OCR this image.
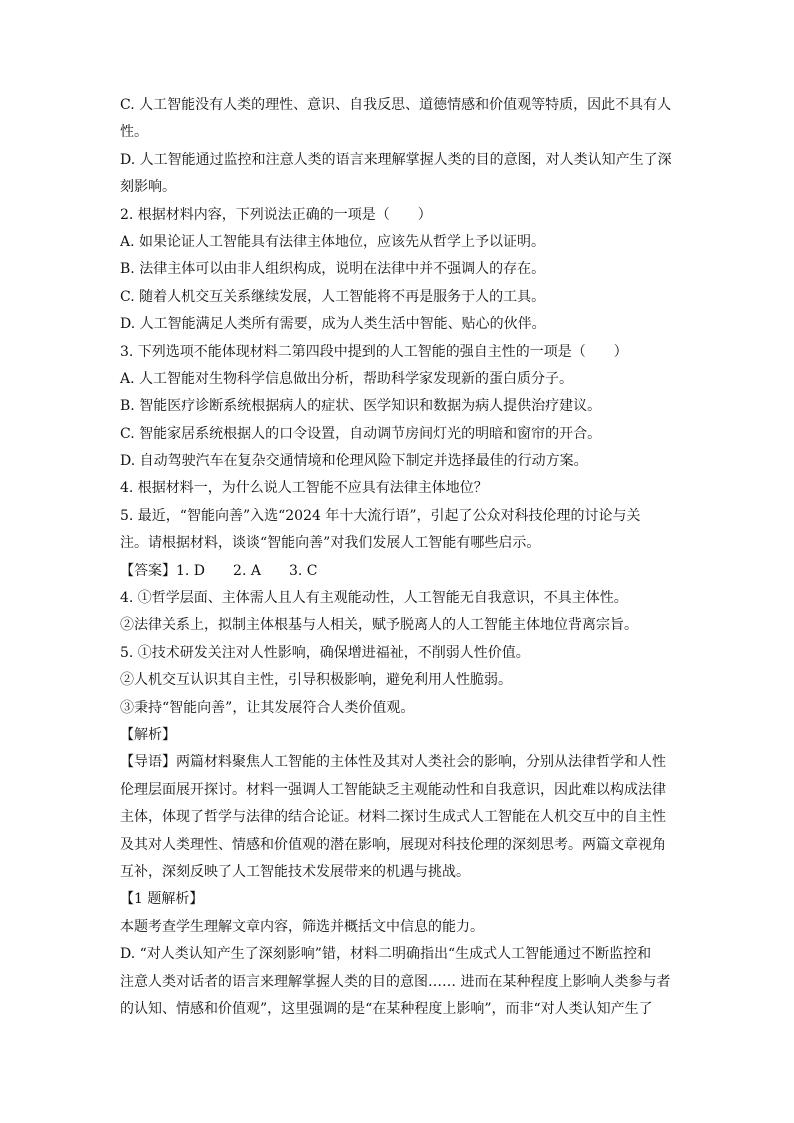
C. 人工智能没有人类的理性、意识、自我反思、道德情感和价值观等特质，因此不具有人
性。
D. 人工智能通过监控和注意人类的语言来理解掌握人类的目的意图，对人类认知产生了深
刻影响。
2. 根据材料内容，下列说法正确的一项是（　　）
A. 如果论证人工智能具有法律主体地位，应该先从哲学上予以证明。
B. 法律主体可以由非人组织构成，说明在法律中并不强调人的存在。
C. 随着人机交互关系继续发展，人工智能将不再是服务于人的工具。
D. 人工智能满足人类所有需要，成为人类生活中智能、贴心的伙伴。
3. 下列选项不能体现材料二第四段中提到的人工智能的强自主性的一项是（　　）
A. 人工智能对生物科学信息做出分析，帮助科学家发现新的蛋白质分子。
B. 智能医疗诊断系统根据病人的症状、医学知识和数据为病人提供治疗建议。
C. 智能家居系统根据人的口令设置，自动调节房间灯光的明暗和窗帘的开合。
D. 自动驾驶汽车在复杂交通情境和伦理风险下制定并选择最佳的行动方案。
4. 根据材料一，为什么说人工智能不应具有法律主体地位？
5. 最近，“智能向善”入选“2024 年十大流行语”，引起了公众对科技伦理的讨论与关
注。请根据材料，谈谈“智能向善”对我们发展人工智能有哪些启示。
【答案】1. D　　2. A　　3. C
4. ①哲学层面、主体需人且人有主观能动性，人工智能无自我意识，不具主体性。
②法律关系上，拟制主体根基与人相关，赋予脱离人的人工智能主体地位背离宗旨。
5. ①技术研发关注对人性影响，确保增进福祉，不削弱人性价值。
②人机交互认识其自主性，引导积极影响，避免利用人性脆弱。
③秉持“智能向善”，让其发展符合人类价值观。
【解析】
【导语】两篇材料聚焦人工智能的主体性及其对人类社会的影响，分别从法律哲学和人性
伦理层面展开探讨。材料一强调人工智能缺乏主观能动性和自我意识，因此难以构成法律
主体，体现了哲学与法律的结合论证。材料二探讨生成式人工智能在人机交互中的自主性
及其对人类理性、情感和价值观的潜在影响，展现对科技伦理的深刻思考。两篇文章视角
互补，深刻反映了人工智能技术发展带来的机遇与挑战。
【1 题解析】
本题考查学生理解文章内容，筛选并概括文中信息的能力。
D. “对人类认知产生了深刻影响”错，材料二明确指出“生成式人工智能通过不断监控和
注意人类对话者的语言来理解掌握人类的目的意图…… 进而在某种程度上影响人类参与者
的认知、情感和价值观”，这里强调的是“在某种程度上影响”，而非“对人类认知产生了
